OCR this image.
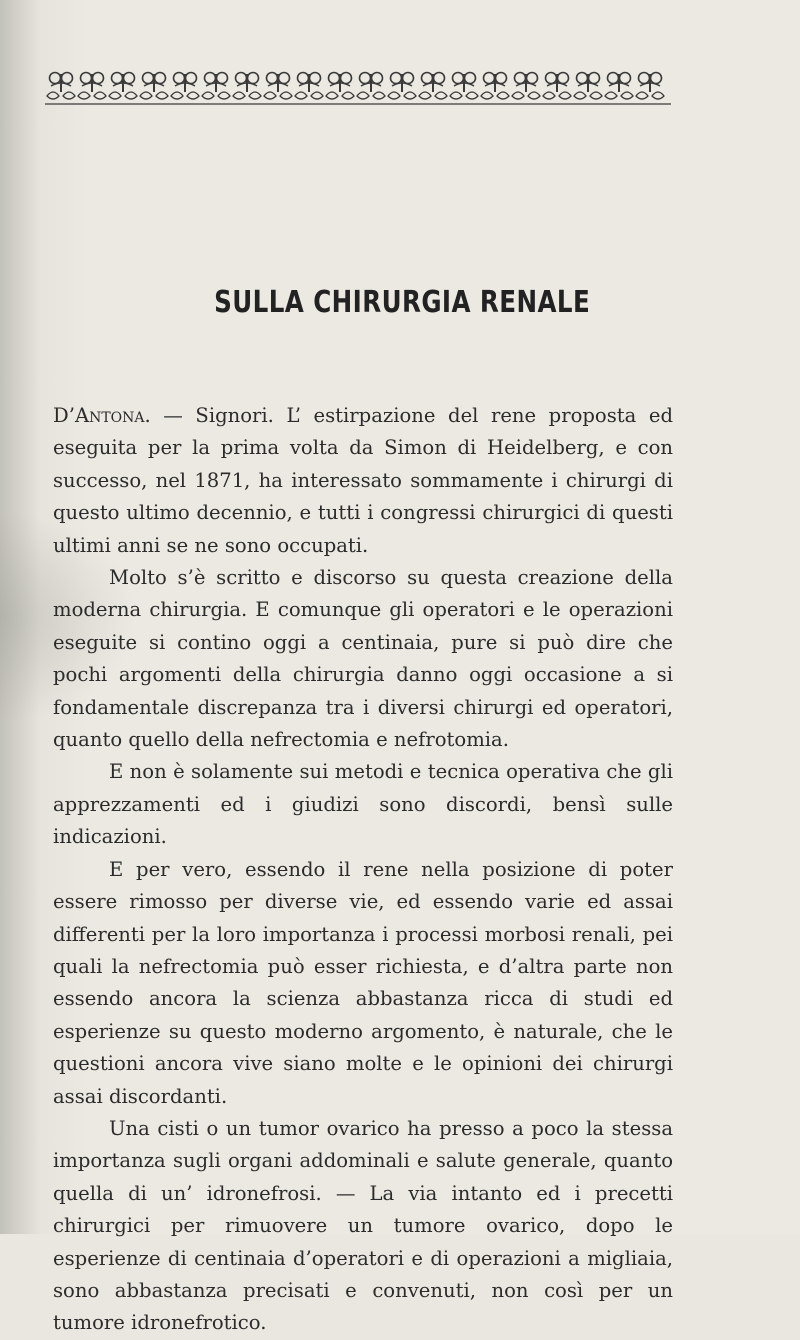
SULLA CHIRURGIA RENALE

D’Antona. — Signori. L’ estirpazione del rene proposta ed eseguita per la prima volta da Simon di Heidelberg, e con successo, nel 1871, ha interessato sommamente i chirurgi di questo ultimo decennio, e tutti i congressi chirurgici di questi ultimi anni se ne sono occupati.

Molto s’è scritto e discorso su questa creazione della moderna chirurgia. E comunque gli operatori e le operazioni eseguite si contino oggi a centinaia, pure si può dire che pochi argomenti della chirurgia danno oggi occasione a si fondamentale discrepanza tra i diversi chirurgi ed operatori, quanto quello della nefrectomia e nefrotomia.

E non è solamente sui metodi e tecnica operativa che gli apprezzamenti ed i giudizi sono discordi, bensì sulle indicazioni.

E per vero, essendo il rene nella posizione di poter essere rimosso per diverse vie, ed essendo varie ed assai differenti per la loro importanza i processi morbosi renali, pei quali la nefrectomia può esser richiesta, e d’altra parte non essendo ancora la scienza abbastanza ricca di studi ed esperienze su questo moderno argomento, è naturale, che le questioni ancora vive siano molte e le opinioni dei chirurgi assai discordanti.

Una cisti o un tumor ovarico ha presso a poco la stessa importanza sugli organi addominali e salute generale, quanto quella di un’ idronefrosi. — La via intanto ed i precetti chirurgici per rimuovere un tumore ovarico, dopo le esperienze di centinaia d’operatori e di operazioni a migliaia, sono abbastanza precisati e convenuti, non così per un tumore idronefrotico.
